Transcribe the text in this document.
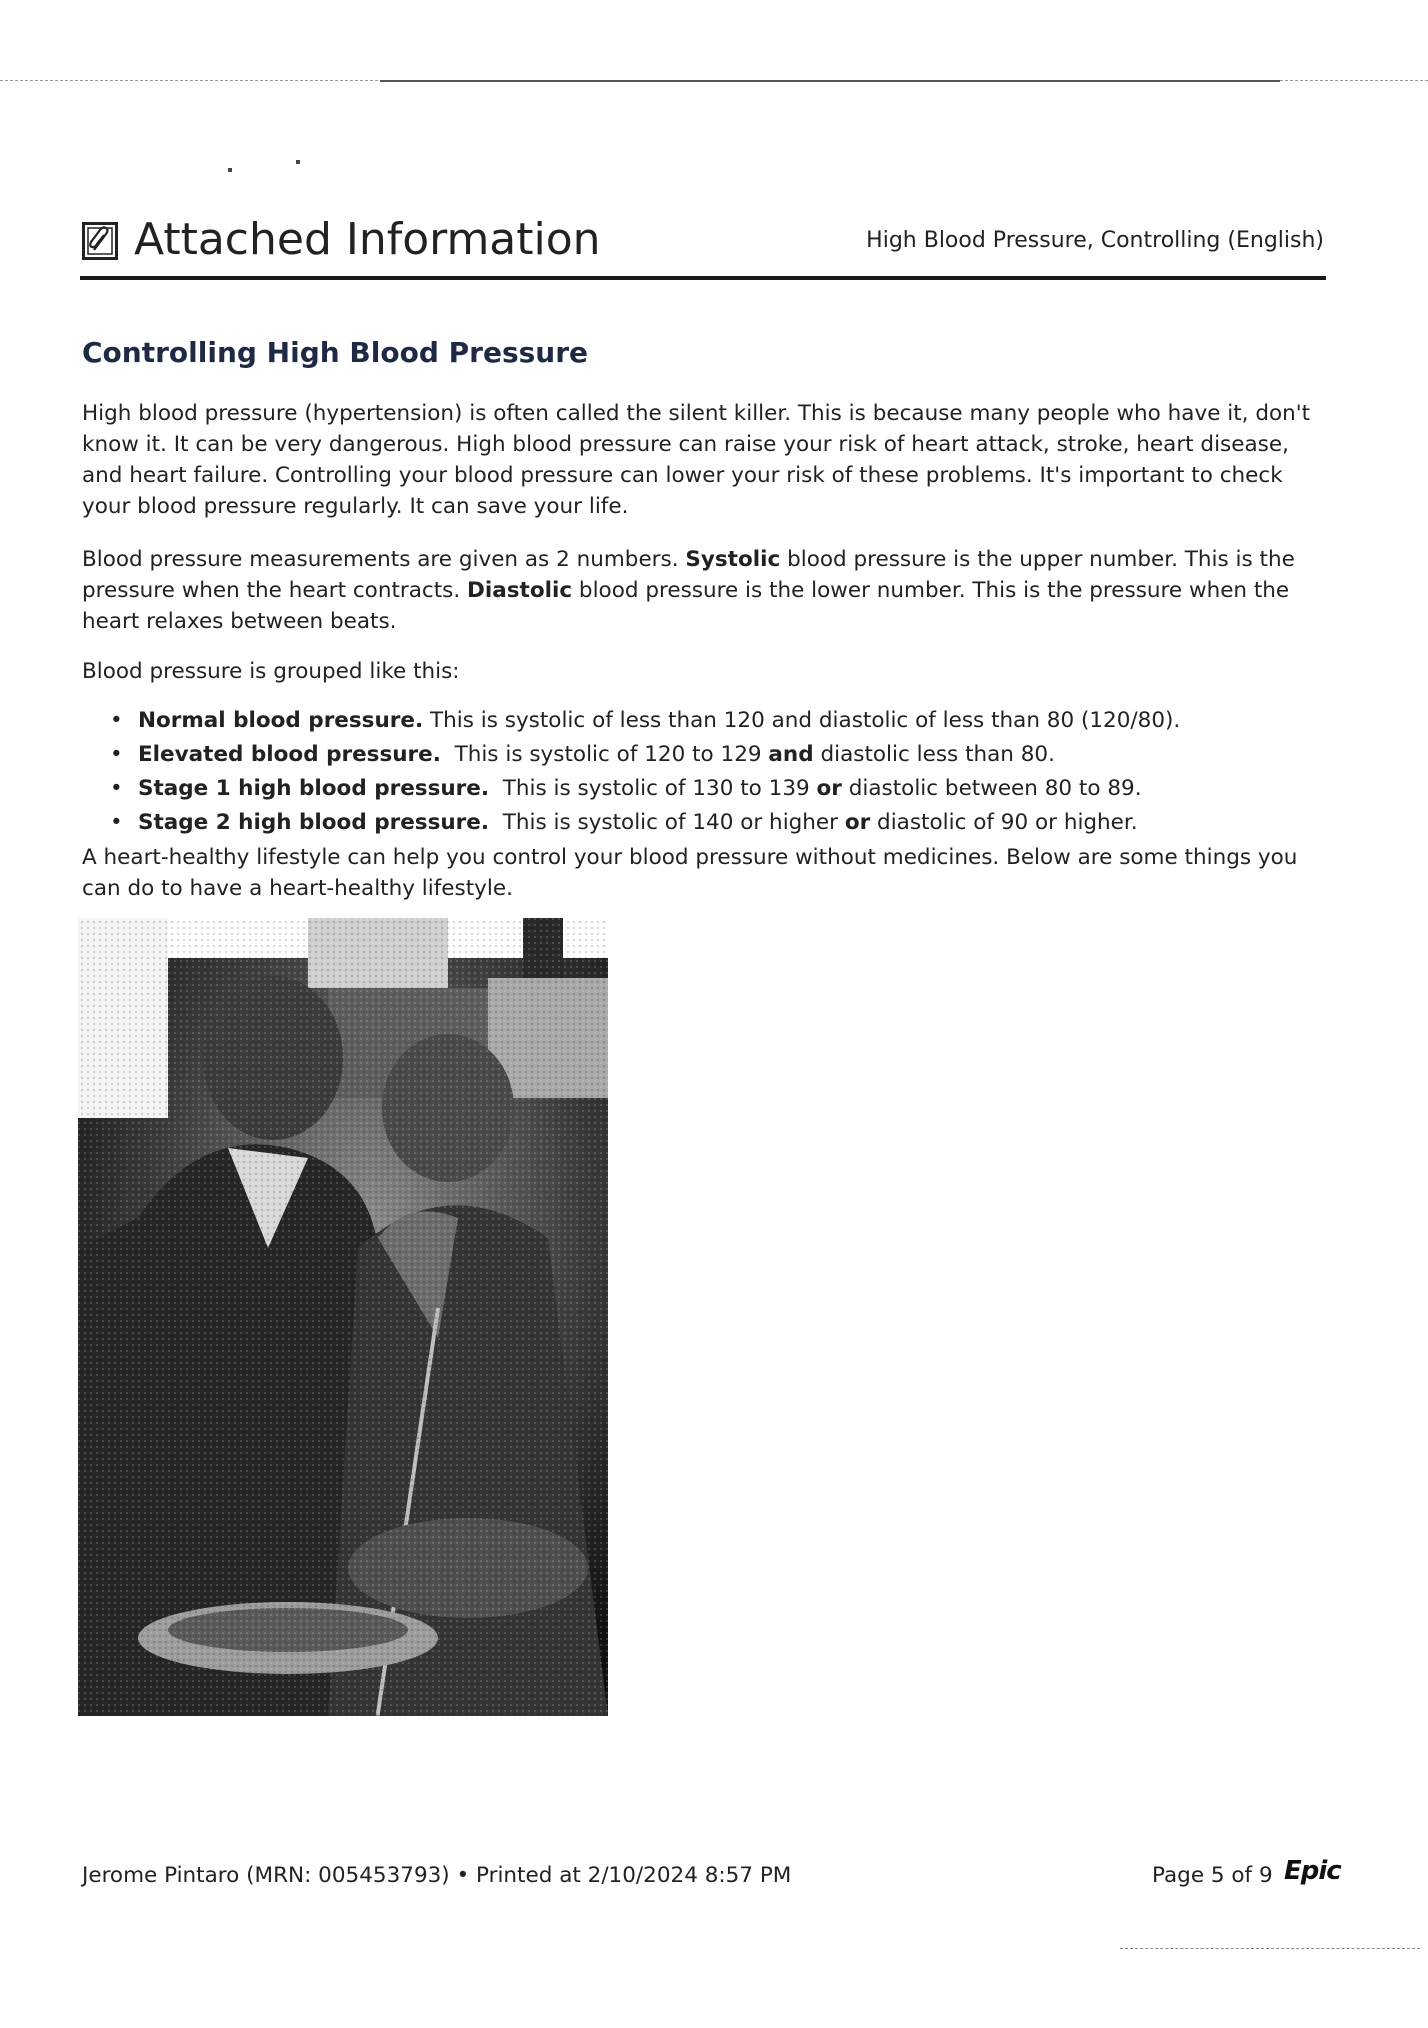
Attached Information	High Blood Pressure, Controlling (English)
Controlling High Blood Pressure

High blood pressure (hypertension) is often called the silent killer. This is because many people who have it, don't know it. It can be very dangerous. High blood pressure can raise your risk of heart attack, stroke, heart disease, and heart failure. Controlling your blood pressure can lower your risk of these problems. It's important to check your blood pressure regularly. It can save your life.

Blood pressure measurements are given as 2 numbers. Systolic blood pressure is the upper number. This is the pressure when the heart contracts. Diastolic blood pressure is the lower number. This is the pressure when the heart relaxes between beats.

Blood pressure is grouped like this:

• Normal blood pressure. This is systolic of less than 120 and diastolic of less than 80 (120/80).
• Elevated blood pressure.  This is systolic of 120 to 129 and diastolic less than 80.
• Stage 1 high blood pressure.  This is systolic of 130 to 139 or diastolic between 80 to 89.
• Stage 2 high blood pressure.  This is systolic of 140 or higher or diastolic of 90 or higher.

A heart-healthy lifestyle can help you control your blood pressure without medicines. Below are some things you can do to have a heart-healthy lifestyle.

Jerome Pintaro (MRN: 005453793) • Printed at 2/10/2024 8:57 PM	Page 5 of 9 Epic
